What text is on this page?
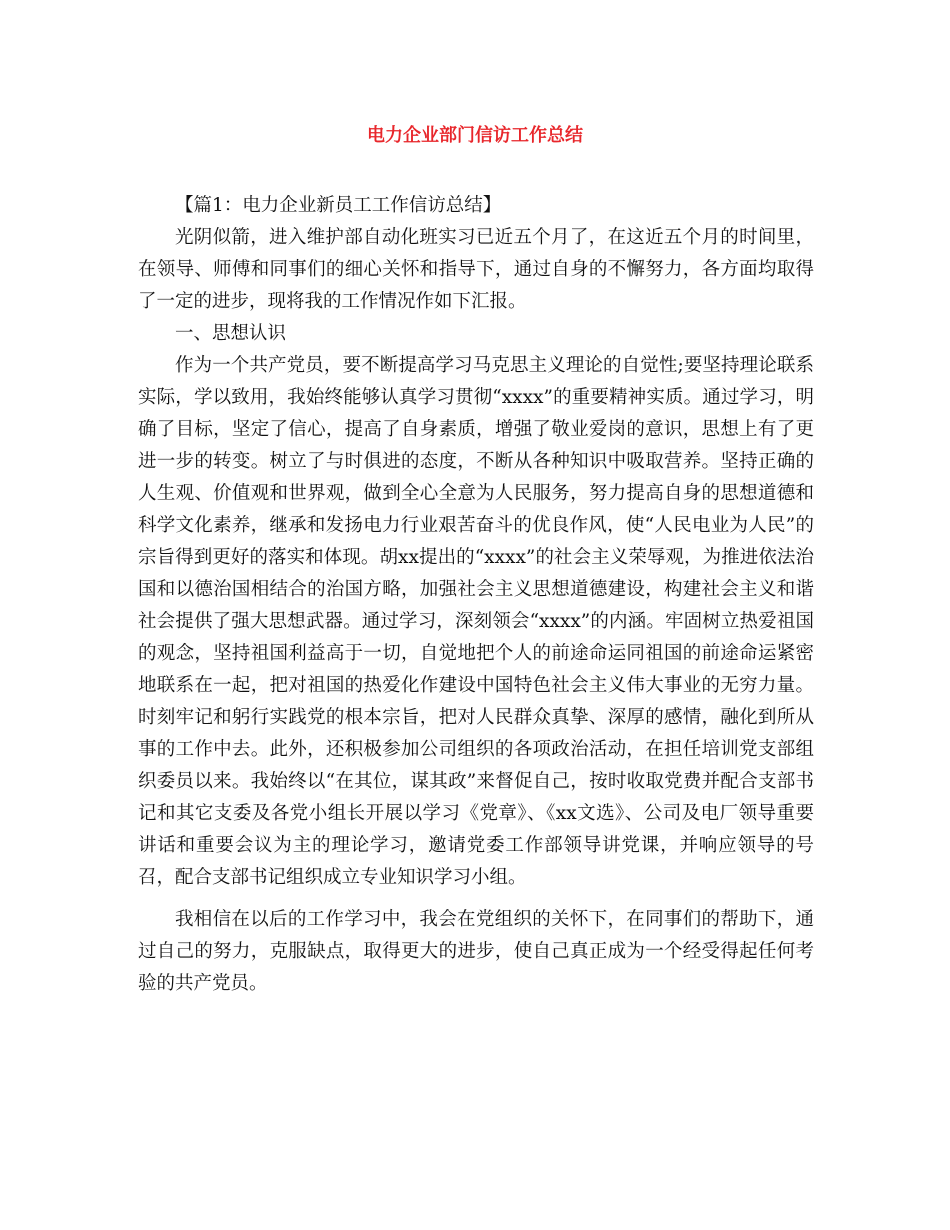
电力企业部门信访工作总结

【篇1：电力企业新员工工作信访总结】

光阴似箭，进入维护部自动化班实习已近五个月了，在这近五个月的时间里，在领导、师傅和同事们的细心关怀和指导下，通过自身的不懈努力，各方面均取得了一定的进步，现将我的工作情况作如下汇报。

一、思想认识

作为一个共产党员，要不断提高学习马克思主义理论的自觉性;要坚持理论联系实际，学以致用，我始终能够认真学习贯彻“xxxx”的重要精神实质。通过学习，明确了目标，坚定了信心，提高了自身素质，增强了敬业爱岗的意识，思想上有了更进一步的转变。树立了与时俱进的态度，不断从各种知识中吸取营养。坚持正确的人生观、价值观和世界观，做到全心全意为人民服务，努力提高自身的思想道德和科学文化素养，继承和发扬电力行业艰苦奋斗的优良作风，使“人民电业为人民”的宗旨得到更好的落实和体现。胡xx提出的“xxxx”的社会主义荣辱观，为推进依法治国和以德治国相结合的治国方略，加强社会主义思想道德建设，构建社会主义和谐社会提供了强大思想武器。通过学习，深刻领会“xxxx”的内涵。牢固树立热爱祖国的观念，坚持祖国利益高于一切，自觉地把个人的前途命运同祖国的前途命运紧密地联系在一起，把对祖国的热爱化作建设中国特色社会主义伟大事业的无穷力量。时刻牢记和躬行实践党的根本宗旨，把对人民群众真挚、深厚的感情，融化到所从事的工作中去。此外，还积极参加公司组织的各项政治活动，在担任培训党支部组织委员以来。我始终以“在其位，谋其政”来督促自己，按时收取党费并配合支部书记和其它支委及各党小组长开展以学习《党章》、《xx文选》、公司及电厂领导重要讲话和重要会议为主的理论学习，邀请党委工作部领导讲党课，并响应领导的号召，配合支部书记组织成立专业知识学习小组。

我相信在以后的工作学习中，我会在党组织的关怀下，在同事们的帮助下，通过自己的努力，克服缺点，取得更大的进步，使自己真正成为一个经受得起任何考验的共产党员。
